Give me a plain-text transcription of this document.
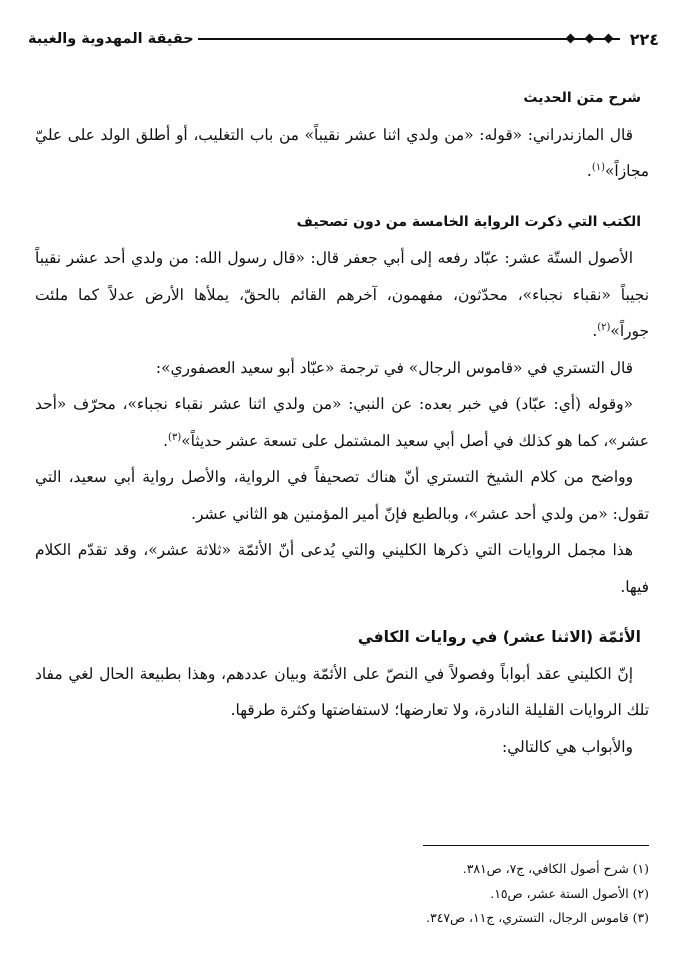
٢٢٤
حقيقة المهدوية والغيبة

شرح متن الحديث

قال المازندراني: «قوله: «من ولدي اثنا عشر نقيباً» من باب التغليب، أو أطلق الولد على عليّ مجازاً»$^{(١)}$.

الكتب التي ذكرت الرواية الخامسة من دون تصحيف

الأصول الستّة عشر: عبّاد رفعه إلى أبي جعفر قال: «قال رسول الله: من ولدي أحد عشر نقيباً نجيباً «نقباء نجباء»، محدّثون، مفهمون، آخرهم القائم بالحقّ، يملأها الأرض عدلاً كما ملئت جوراً»$^{(٢)}$.

قال التستري في «قاموس الرجال» في ترجمة «عبّاد أبو سعيد العصفوري»:

«وقوله (أي: عبّاد) في خبر بعده: عن النبي: «من ولدي اثنا عشر نقباء نجباء»، محرّف «أحد عشر»، كما هو كذلك في أصل أبي سعيد المشتمل على تسعة عشر حديثاً»$^{(٣)}$.

وواضح من كلام الشيخ التستري أنّ هناك تصحيفاً في الرواية، والأصل رواية أبي سعيد، التي تقول: «من ولدي أحد عشر»، وبالطبع فإنّ أمير المؤمنين هو الثاني عشر.

هذا مجمل الروايات التي ذكرها الكليني والتي يُدعى أنّ الأئمّة «ثلاثة عشر»، وقد تقدّم الكلام فيها.

الأئمّة (الاثنا عشر) في روايات الكافي

إنّ الكليني عقد أبواباً وفصولاً في النصّ على الأئمّة وبيان عددهم، وهذا بطبيعة الحال لغي مفاد تلك الروايات القليلة النادرة، ولا تعارضها؛ لاستفاضتها وكثرة طرقها.

والأبواب هي كالتالي:

(١) شرح أصول الكافي، ج٧، ص٣٨١.
(٢) الأصول الستة عشر، ص١٥.
(٣) قاموس الرجال، التستري، ج١١، ص٣٤٧.
